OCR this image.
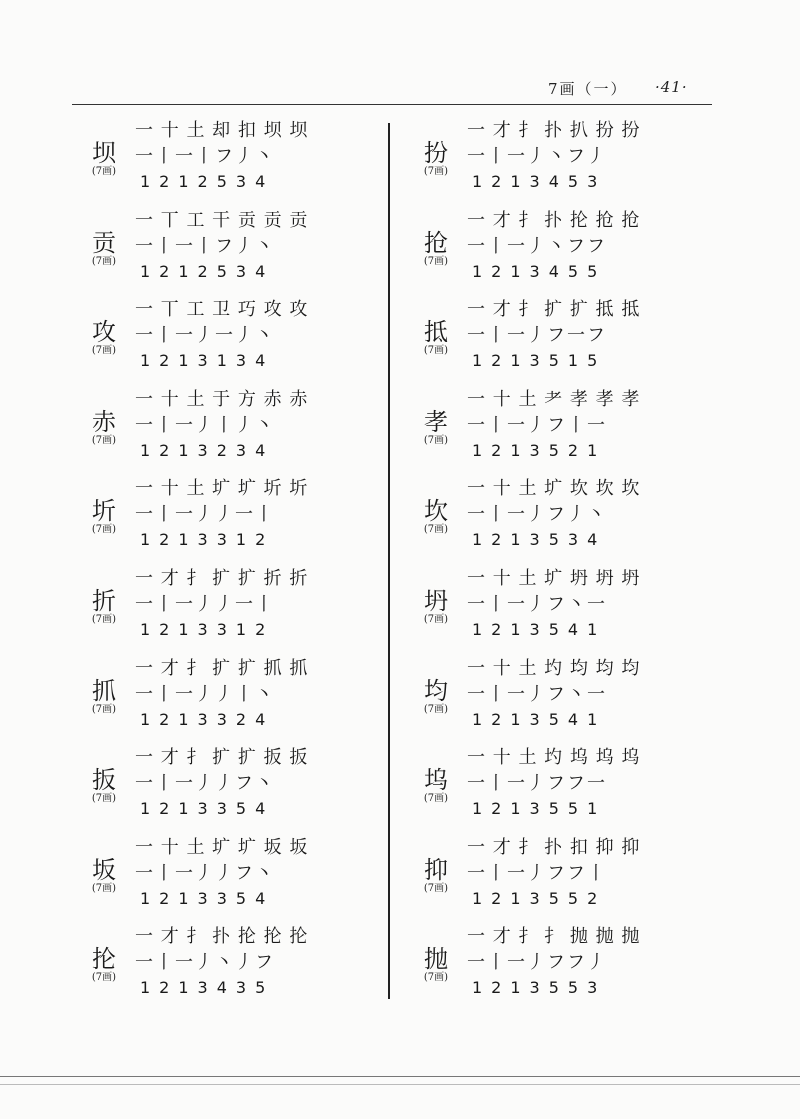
7画（一） ·41·
坝
(7画)
一 十 土 却 扣 坝 坝
一丨一丨フ丿丶
1212534
贡
(7画)
一 丅 工 干 贡 贡 贡
一丨一丨フ丿丶
1212534
攻
(7画)
一 丅 工 卫 巧 攻 攻
一丨一丿一丿丶
1213134
赤
(7画)
一 十 土 于 方 赤 赤
一丨一丿丨丿丶
1213234
圻
(7画)
一 十 土 圹 圹 圻 圻
一丨一丿丿一丨
1213312
折
(7画)
一 才 扌 扩 扩 折 折
一丨一丿丿一丨
1213312
抓
(7画)
一 才 扌 扩 扩 抓 抓
一丨一丿丿丨丶
1213324
扳
(7画)
一 才 扌 扩 扩 扳 扳
一丨一丿丿フ丶
1213354
坂
(7画)
一 十 土 圹 圹 坂 坂
一丨一丿丿フ丶
1213354
抡
(7画)
一 才 扌 扑 抡 抡 抡
一丨一丿丶丿フ
1213435
扮
(7画)
一 才 扌 扑 扒 扮 扮
一丨一丿丶フ丿
1213453
抢
(7画)
一 才 扌 扑 抡 抢 抢
一丨一丿丶フフ
1213455
抵
(7画)
一 才 扌 扩 扩 抵 抵
一丨一丿フ一フ
1213515
孝
(7画)
一 十 土 耂 孝 孝 孝
一丨一丿フ丨一
1213521
坎
(7画)
一 十 土 圹 坎 坎 坎
一丨一丿フ丿丶
1213534
坍
(7画)
一 十 土 圹 坍 坍 坍
一丨一丿フ丶一
1213541
均
(7画)
一 十 土 圴 均 均 均
一丨一丿フ丶一
1213541
坞
(7画)
一 十 土 圴 坞 坞 坞
一丨一丿フフ一
1213551
抑
(7画)
一 才 扌 扑 扣 抑 抑
一丨一丿フフ丨
1213552
抛
(7画)
一 才 扌 扌 抛 抛 抛
一丨一丿フフ丿
1213553
